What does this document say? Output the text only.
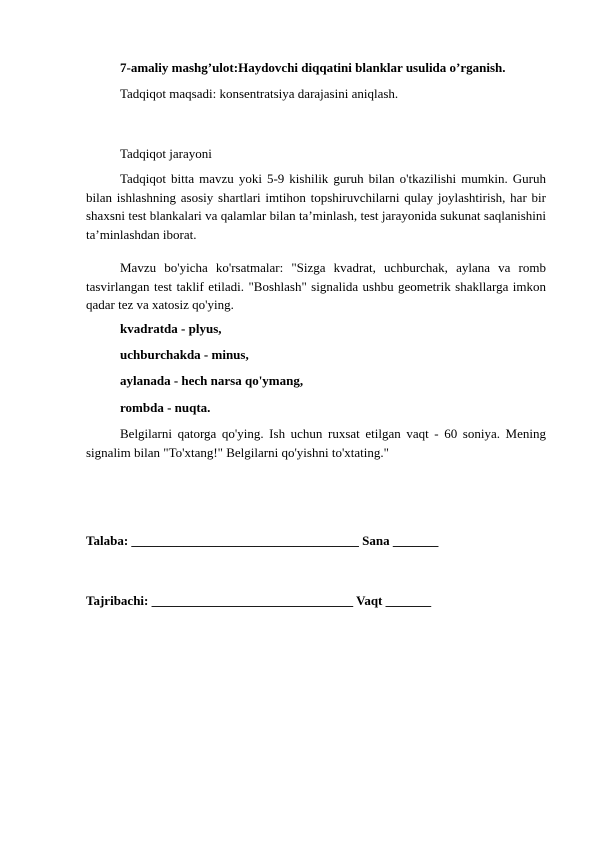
7-amaliy mashg’ulot:Haydovchi diqqatini blanklar usulida o’rganish.
Tadqiqot maqsadi: konsentratsiya darajasini aniqlash.
Tadqiqot jarayoni
Tadqiqot bitta mavzu yoki 5-9 kishilik guruh bilan o'tkazilishi mumkin. Guruh bilan ishlashning asosiy shartlari imtihon topshiruvchilarni qulay joylashtirish, har bir shaxsni test blankalari va qalamlar bilan ta’minlash, test jarayonida sukunat saqlanishini ta’minlashdan iborat.
Mavzu bo'yicha ko'rsatmalar: "Sizga kvadrat, uchburchak, aylana va romb tasvirlangan test taklif etiladi. "Boshlash" signalida ushbu geometrik shakllarga imkon qadar tez va xatosiz qo'ying.
kvadratda - plyus,
uchburchakda - minus,
aylanada - hech narsa qo'ymang,
rombda - nuqta.
Belgilarni qatorga qo'ying. Ish uchun ruxsat etilgan vaqt - 60 soniya. Mening signalim bilan "To'xtang!" Belgilarni qo'yishni to'xtating."
Talaba: ___________________________________ Sana _______
Tajribachi: _______________________________ Vaqt _______
